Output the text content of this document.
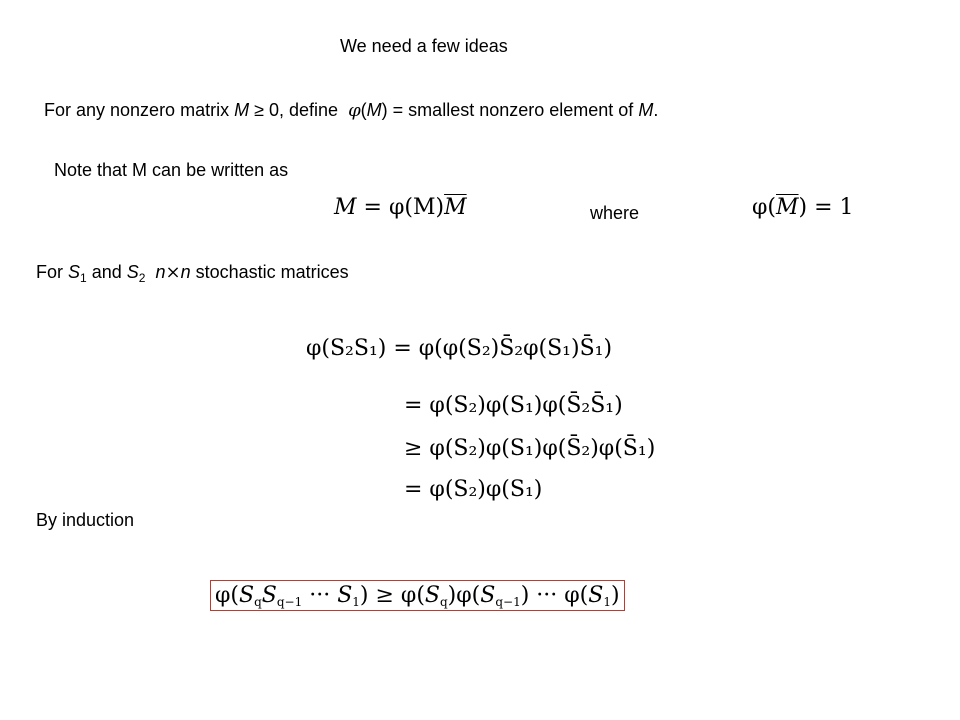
We need a few ideas
For any nonzero matrix M ≥ 0, define  φ(M) = smallest nonzero element of M.
Note that M can be written as
$M = \varphi(M)\overline{M}$	where	$\varphi(\overline{M}) = 1$
For $S_1$ and $S_2$ n×n stochastic matrices
φ(S₂S₁) = φ(φ(S₂)S̄₂φ(S₁)S̄₁)
= φ(S₂)φ(S₁)φ(S̄₂S̄₁)
≥ φ(S₂)φ(S₁)φ(S̄₂)φ(S̄₁)
= φ(S₂)φ(S₁)
By induction
$\varphi(S_qS_{q-1}$ ··· $S_1) \ge \varphi(S_q)\varphi(S_{q-1})$ ··· $\varphi(S_1)$
